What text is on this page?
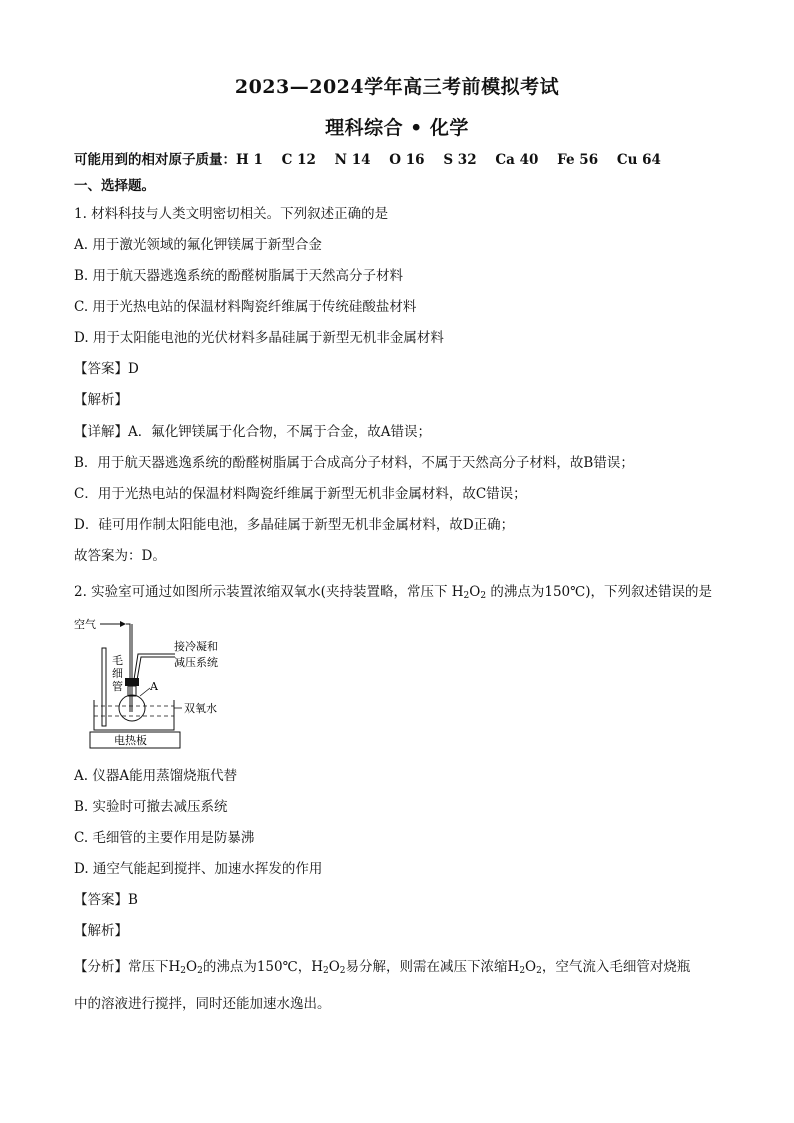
2023—2024学年高三考前模拟考试
理科综合 • 化学
可能用到的相对原子质量：H 1    C 12    N 14    O 16    S 32    Ca 40    Fe 56    Cu 64
一、选择题。
1. 材料科技与人类文明密切相关。下列叙述正确的是
A. 用于激光领域的氟化钾镁属于新型合金
B. 用于航天器逃逸系统的酚醛树脂属于天然高分子材料
C. 用于光热电站的保温材料陶瓷纤维属于传统硅酸盐材料
D. 用于太阳能电池的光伏材料多晶硅属于新型无机非金属材料
【答案】D
【解析】
【详解】A．氟化钾镁属于化合物，不属于合金，故A错误；
B．用于航天器逃逸系统的酚醛树脂属于合成高分子材料，不属于天然高分子材料，故B错误；
C．用于光热电站的保温材料陶瓷纤维属于新型无机非金属材料，故C错误；
D．硅可用作制太阳能电池，多晶硅属于新型无机非金属材料，故D正确；
故答案为：D。
2. 实验室可通过如图所示装置浓缩双氧水(夹持装置略，常压下 $H_2O_2$ 的沸点为150℃)，下列叙述错误的是
空气
毛
细
管
接冷凝和
减压系统
A
双氧水
电热板
A. 仪器A能用蒸馏烧瓶代替
B. 实验时可撤去减压系统
C. 毛细管的主要作用是防暴沸
D. 通空气能起到搅拌、加速水挥发的作用
【答案】B
【解析】
【分析】常压下$H_2O_2$的沸点为150℃，$H_2O_2$易分解，则需在减压下浓缩$H_2O_2$，空气流入毛细管对烧瓶
中的溶液进行搅拌，同时还能加速水逸出。
